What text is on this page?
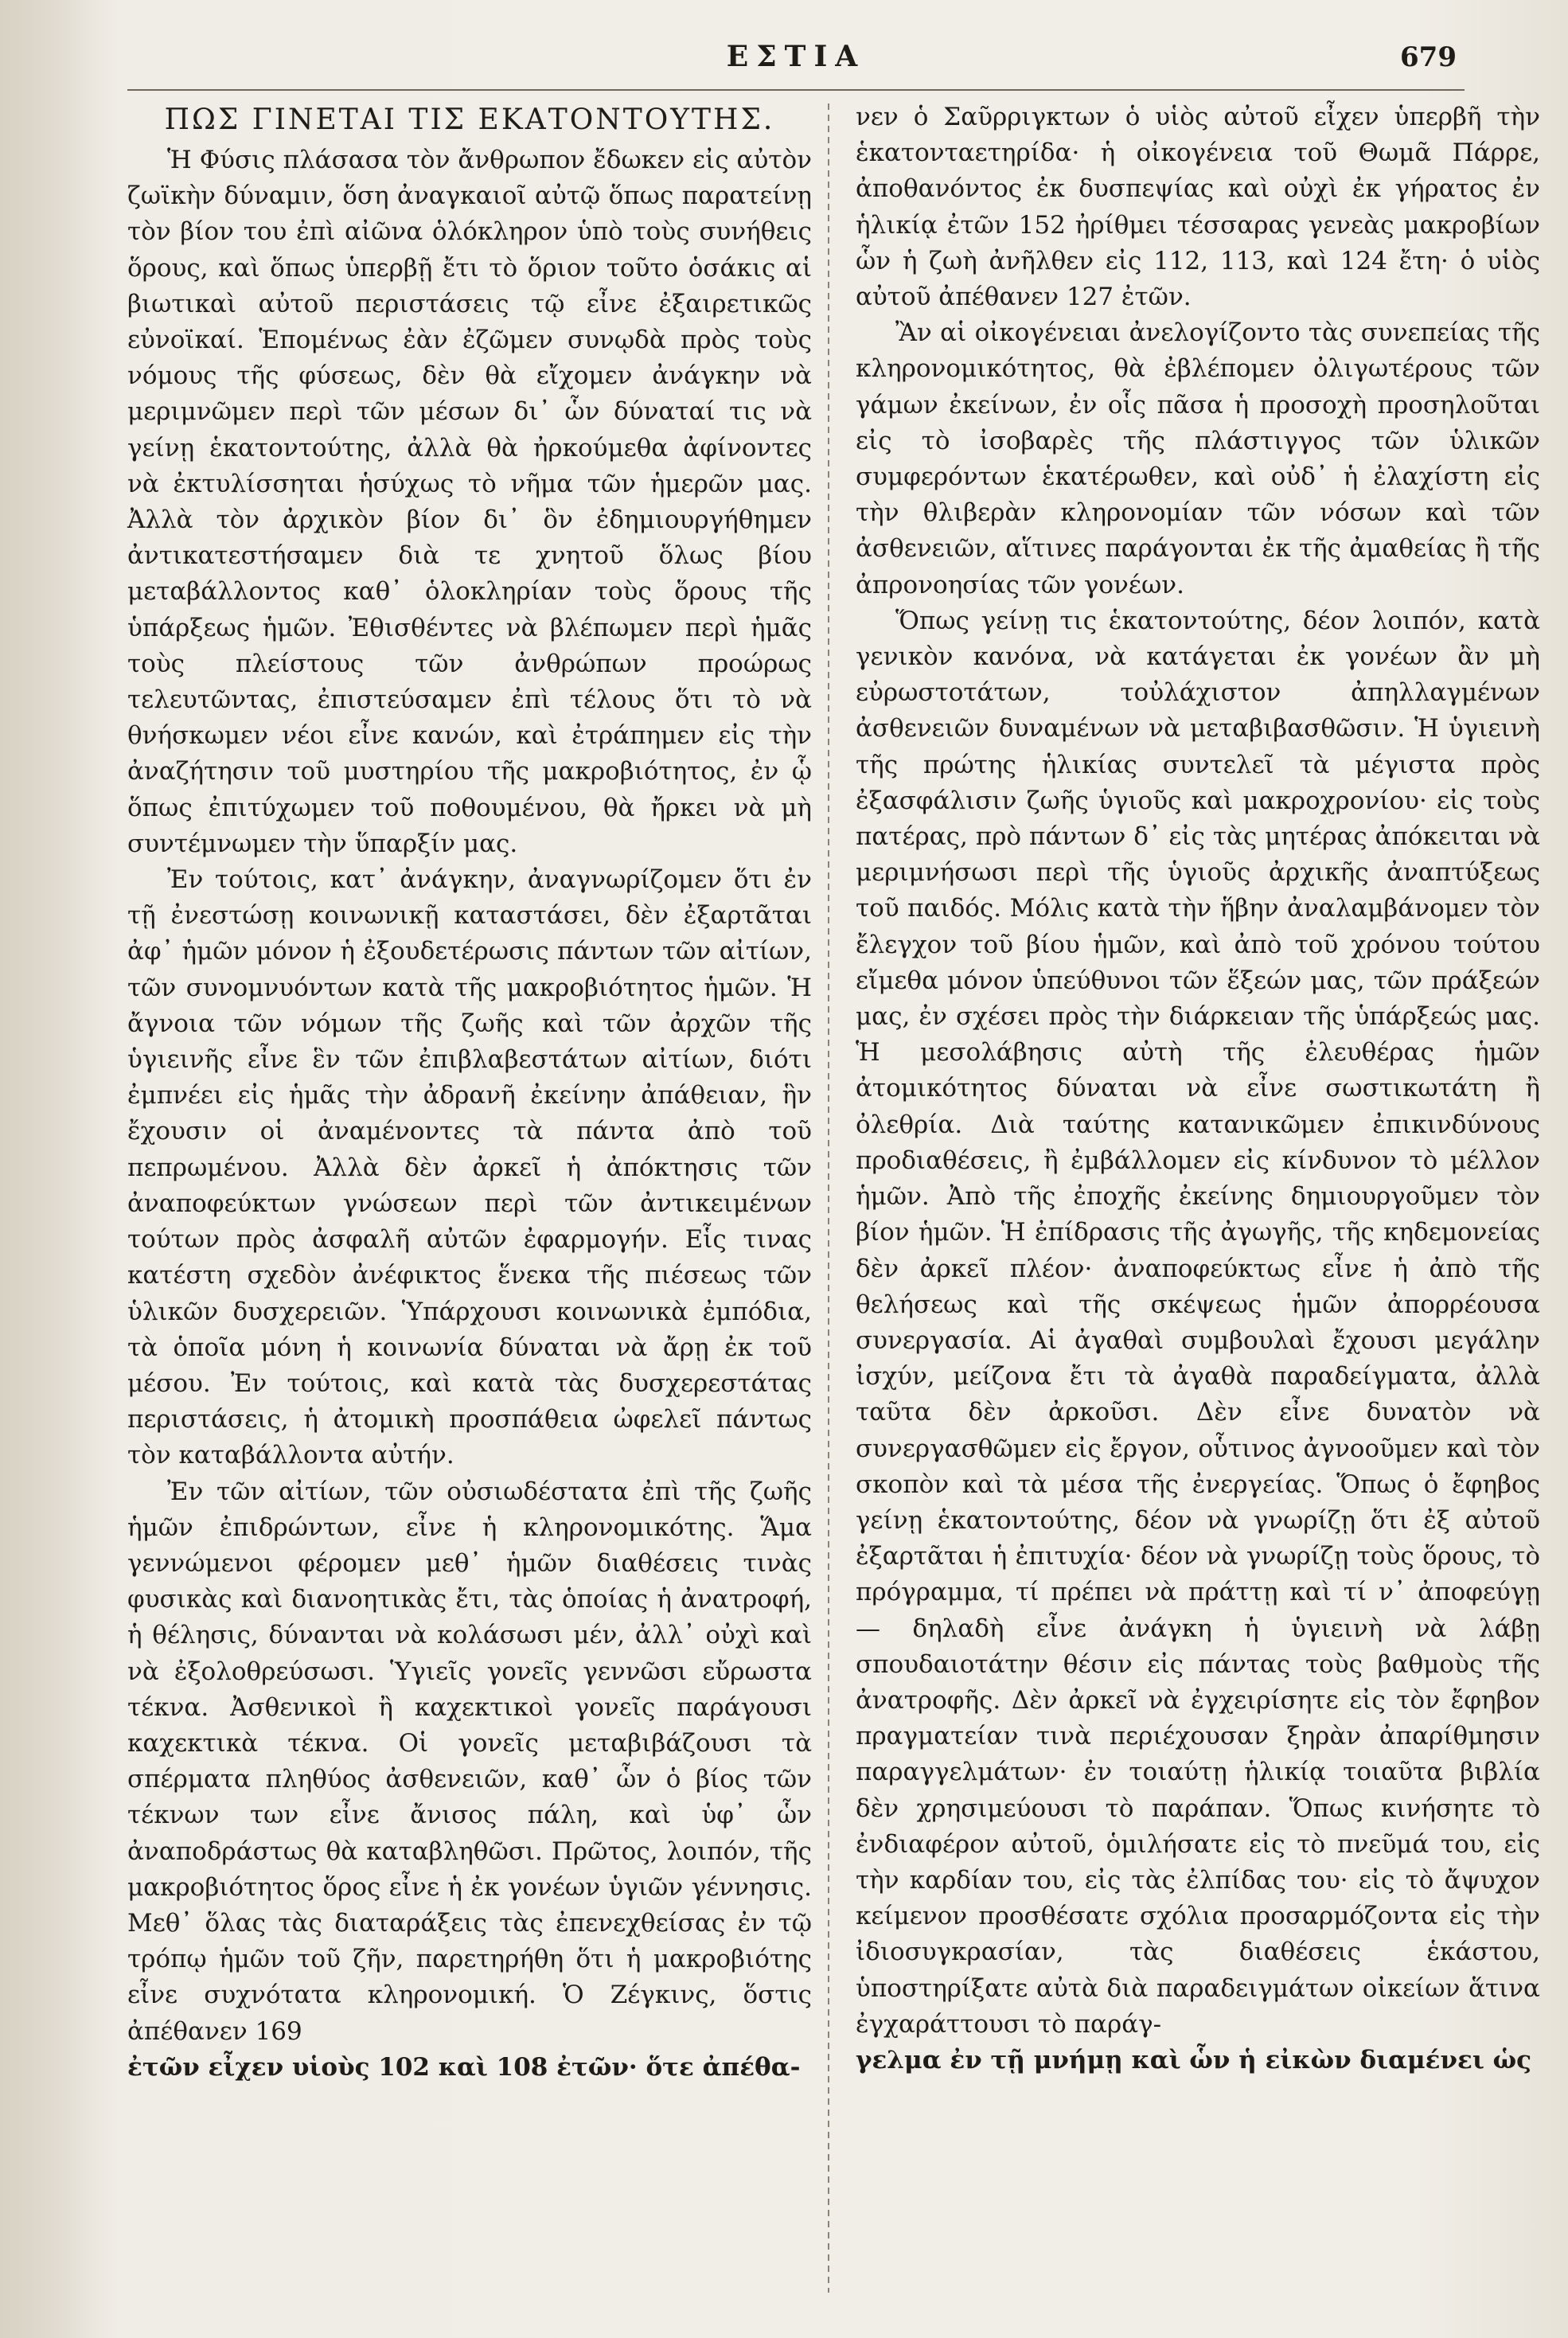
ΕΣΤΙΑ	679
ΠΩΣ ΓΙΝΕΤΑΙ ΤΙΣ ΕΚΑΤΟΝΤΟΥΤΗΣ.

Ἡ Φύσις πλάσασα τὸν ἄνθρωπον ἔδωκεν εἰς αὐτὸν ζωϊκὴν δύναμιν, ὅση ἀναγκαιοῖ αὐτῷ ὅπως παρατείνῃ τὸν βίον του ἐπὶ αἰῶνα ὁλόκληρον ὑπὸ τοὺς συνήθεις ὅρους, καὶ ὅπως ὑπερβῇ ἔτι τὸ ὅριον τοῦτο ὁσάκις αἱ βιωτικαὶ αὐτοῦ περιστάσεις τῷ εἶνε ἐξαιρετικῶς εὐνοϊκαί. Ἑπομένως ἐὰν ἐζῶμεν συνῳδὰ πρὸς τοὺς νόμους τῆς φύσεως, δὲν θὰ εἴχομεν ἀνάγκην νὰ μεριμνῶμεν περὶ τῶν μέσων δι᾽ ὧν δύναταί τις νὰ γείνῃ ἑκατοντούτης, ἀλλὰ θὰ ἠρκούμεθα ἀφίνοντες νὰ ἐκτυλίσσηται ἡσύχως τὸ νῆμα τῶν ἡμερῶν μας. Ἀλλὰ τὸν ἀρχικὸν βίον δι᾽ ὃν ἐδημιουργήθημεν ἀντικατεστήσαμεν διὰ τε χνητοῦ ὅλως βίου μεταβάλλοντος καθ᾽ ὁλοκληρίαν τοὺς ὅρους τῆς ὑπάρξεως ἡμῶν. Ἐθισθέντες νὰ βλέπωμεν περὶ ἡμᾶς τοὺς πλείστους τῶν ἀνθρώπων προώρως τελευτῶντας, ἐπιστεύσαμεν ἐπὶ τέλους ὅτι τὸ νὰ θνήσκωμεν νέοι εἶνε κανών, καὶ ἐτράπημεν εἰς τὴν ἀναζήτησιν τοῦ μυστηρίου τῆς μακροβιότητος, ἐν ᾧ ὅπως ἐπιτύχωμεν τοῦ ποθουμένου, θὰ ἤρκει νὰ μὴ συντέμνωμεν τὴν ὕπαρξίν μας.

Ἐν τούτοις, κατ᾽ ἀνάγκην, ἀναγνωρίζομεν ὅτι ἐν τῇ ἐνεστώσῃ κοινωνικῇ καταστάσει, δὲν ἐξαρτᾶται ἀφ᾽ ἡμῶν μόνον ἡ ἐξουδετέρωσις πάντων τῶν αἰτίων, τῶν συνομνυόντων κατὰ τῆς μακροβιότητος ἡμῶν. Ἡ ἄγνοια τῶν νόμων τῆς ζωῆς καὶ τῶν ἀρχῶν τῆς ὑγιεινῆς εἶνε ἓν τῶν ἐπιβλαβεστάτων αἰτίων, διότι ἐμπνέει εἰς ἡμᾶς τὴν ἀδρανῆ ἐκείνην ἀπάθειαν, ἣν ἔχουσιν οἱ ἀναμένοντες τὰ πάντα ἀπὸ τοῦ πεπρωμένου. Ἀλλὰ δὲν ἀρκεῖ ἡ ἀπόκτησις τῶν ἀναποφεύκτων γνώσεων περὶ τῶν ἀντικειμένων τούτων πρὸς ἀσφαλῆ αὐτῶν ἐφαρμογήν. Εἷς τινας κατέστη σχεδὸν ἀνέφικτος ἕνεκα τῆς πιέσεως τῶν ὑλικῶν δυσχερειῶν. Ὑπάρχουσι κοινωνικὰ ἐμπόδια, τὰ ὁποῖα μόνη ἡ κοινωνία δύναται νὰ ἄρῃ ἐκ τοῦ μέσου. Ἐν τούτοις, καὶ κατὰ τὰς δυσχερεστάτας περιστάσεις, ἡ ἀτομικὴ προσπάθεια ὠφελεῖ πάντως τὸν καταβάλλοντα αὐτήν.

Ἐν τῶν αἰτίων, τῶν οὐσιωδέστατα ἐπὶ τῆς ζωῆς ἡμῶν ἐπιδρώντων, εἶνε ἡ κληρονομικότης. Ἅμα γεννώμενοι φέρομεν μεθ᾽ ἡμῶν διαθέσεις τινὰς φυσικὰς καὶ διανοητικὰς ἔτι, τὰς ὁποίας ἡ ἀνατροφή, ἡ θέλησις, δύνανται νὰ κολάσωσι μέν, ἀλλ᾽ οὐχὶ καὶ νὰ ἐξολοθρεύσωσι. Ὑγιεῖς γονεῖς γεννῶσι εὔρωστα τέκνα. Ἀσθενικοὶ ἢ καχεκτικοὶ γονεῖς παράγουσι καχεκτικὰ τέκνα. Οἱ γονεῖς μεταβιβάζουσι τὰ σπέρματα πληθύος ἀσθενειῶν, καθ᾽ ὧν ὁ βίος τῶν τέκνων των εἶνε ἄνισος πάλη, καὶ ὑφ᾽ ὧν ἀναποδράστως θὰ καταβληθῶσι. Πρῶτος, λοιπόν, τῆς μακροβιότητος ὅρος εἶνε ἡ ἐκ γονέων ὑγιῶν γέννησις. Μεθ᾽ ὅλας τὰς διαταράξεις τὰς ἐπενεχθείσας ἐν τῷ τρόπῳ ἡμῶν τοῦ ζῆν, παρετηρήθη ὅτι ἡ μακροβιότης εἶνε συχνότατα κληρονομική. Ὁ Ζέγκινς, ὅστις ἀπέθανεν 169

ἐτῶν εἶχεν υἱοὺς 102 καὶ 108 ἐτῶν· ὅτε ἀπέθα-

νεν ὁ Σαῦρριγκτων ὁ υἱὸς αὐτοῦ εἶχεν ὑπερβῆ τὴν ἑκατονταετηρίδα· ἡ οἰκογένεια τοῦ Θωμᾶ Πάρρε, ἀποθανόντος ἐκ δυσπεψίας καὶ οὐχὶ ἐκ γήρατος ἐν ἡλικίᾳ ἐτῶν 152 ἠρίθμει τέσσαρας γενεὰς μακροβίων ὧν ἡ ζωὴ ἀνῆλθεν εἰς 112, 113, καὶ 124 ἔτη· ὁ υἱὸς αὐτοῦ ἀπέθανεν 127 ἐτῶν.

Ἂν αἱ οἰκογένειαι ἀνελογίζοντο τὰς συνεπείας τῆς κληρονομικότητος, θὰ ἐβλέπομεν ὀλιγωτέρους τῶν γάμων ἐκείνων, ἐν οἷς πᾶσα ἡ προσοχὴ προσηλοῦται εἰς τὸ ἰσοβαρὲς τῆς πλάστιγγος τῶν ὑλικῶν συμφερόντων ἑκατέρωθεν, καὶ οὐδ᾽ ἡ ἐλαχίστη εἰς τὴν θλιβερὰν κληρονομίαν τῶν νόσων καὶ τῶν ἀσθενειῶν, αἵτινες παράγονται ἐκ τῆς ἀμαθείας ἢ τῆς ἀπρονοησίας τῶν γονέων.

Ὅπως γείνῃ τις ἑκατοντούτης, δέον λοιπόν, κατὰ γενικὸν κανόνα, νὰ κατάγεται ἐκ γονέων ἂν μὴ εὐρωστοτάτων, τοὐλάχιστον ἀπηλλαγμένων ἀσθενειῶν δυναμένων νὰ μεταβιβασθῶσιν. Ἡ ὑγιεινὴ τῆς πρώτης ἡλικίας συντελεῖ τὰ μέγιστα πρὸς ἐξασφάλισιν ζωῆς ὑγιοῦς καὶ μακροχρονίου· εἰς τοὺς πατέρας, πρὸ πάντων δ᾽ εἰς τὰς μητέρας ἀπόκειται νὰ μεριμνήσωσι περὶ τῆς ὑγιοῦς ἀρχικῆς ἀναπτύξεως τοῦ παιδός. Μόλις κατὰ τὴν ἥβην ἀναλαμβάνομεν τὸν ἔλεγχον τοῦ βίου ἡμῶν, καὶ ἀπὸ τοῦ χρόνου τούτου εἴμεθα μόνον ὑπεύθυνοι τῶν ἕξεών μας, τῶν πράξεών μας, ἐν σχέσει πρὸς τὴν διάρκειαν τῆς ὑπάρξεώς μας. Ἡ μεσολάβησις αὐτὴ τῆς ἐλευθέρας ἡμῶν ἀτομικότητος δύναται νὰ εἶνε σωστικωτάτη ἢ ὀλεθρία. Διὰ ταύτης κατανικῶμεν ἐπικινδύνους προδιαθέσεις, ἢ ἐμβάλλομεν εἰς κίνδυνον τὸ μέλλον ἡμῶν. Ἀπὸ τῆς ἐποχῆς ἐκείνης δημιουργοῦμεν τὸν βίον ἡμῶν. Ἡ ἐπίδρασις τῆς ἀγωγῆς, τῆς κηδεμονείας δὲν ἀρκεῖ πλέον· ἀναποφεύκτως εἶνε ἡ ἀπὸ τῆς θελήσεως καὶ τῆς σκέψεως ἡμῶν ἀπορρέουσα συνεργασία. Αἱ ἀγαθαὶ συμβουλαὶ ἔχουσι μεγάλην ἰσχύν, μείζονα ἔτι τὰ ἀγαθὰ παραδείγματα, ἀλλὰ ταῦτα δὲν ἀρκοῦσι. Δὲν εἶνε δυνατὸν νὰ συνεργασθῶμεν εἰς ἔργον, οὗτινος ἀγνοοῦμεν καὶ τὸν σκοπὸν καὶ τὰ μέσα τῆς ἐνεργείας. Ὅπως ὁ ἔφηβος γείνῃ ἑκατοντούτης, δέον νὰ γνωρίζῃ ὅτι ἐξ αὐτοῦ ἐξαρτᾶται ἡ ἐπιτυχία· δέον νὰ γνωρίζῃ τοὺς ὅρους, τὸ πρόγραμμα, τί πρέπει νὰ πράττῃ καὶ τί ν᾽ ἀποφεύγῃ — δηλαδὴ εἶνε ἀνάγκη ἡ ὑγιεινὴ νὰ λάβῃ σπουδαιοτάτην θέσιν εἰς πάντας τοὺς βαθμοὺς τῆς ἀνατροφῆς. Δὲν ἀρκεῖ νὰ ἐγχειρίσητε εἰς τὸν ἔφηβον πραγματείαν τινὰ περιέχουσαν ξηρὰν ἀπαρίθμησιν παραγγελμάτων· ἐν τοιαύτῃ ἡλικίᾳ τοιαῦτα βιβλία δὲν χρησιμεύουσι τὸ παράπαν. Ὅπως κινήσητε τὸ ἐνδιαφέρον αὐτοῦ, ὁμιλήσατε εἰς τὸ πνεῦμά του, εἰς τὴν καρδίαν του, εἰς τὰς ἐλπίδας του· εἰς τὸ ἄψυχον κείμενον προσθέσατε σχόλια προσαρμόζοντα εἰς τὴν ἰδιοσυγκρασίαν, τὰς διαθέσεις ἑκάστου, ὑποστηρίξατε αὐτὰ διὰ παραδειγμάτων οἰκείων ἅτινα ἐγχαράττουσι τὸ παράγ-

γελμα ἐν τῇ μνήμῃ καὶ ὧν ἡ εἰκὼν διαμένει ὡς
